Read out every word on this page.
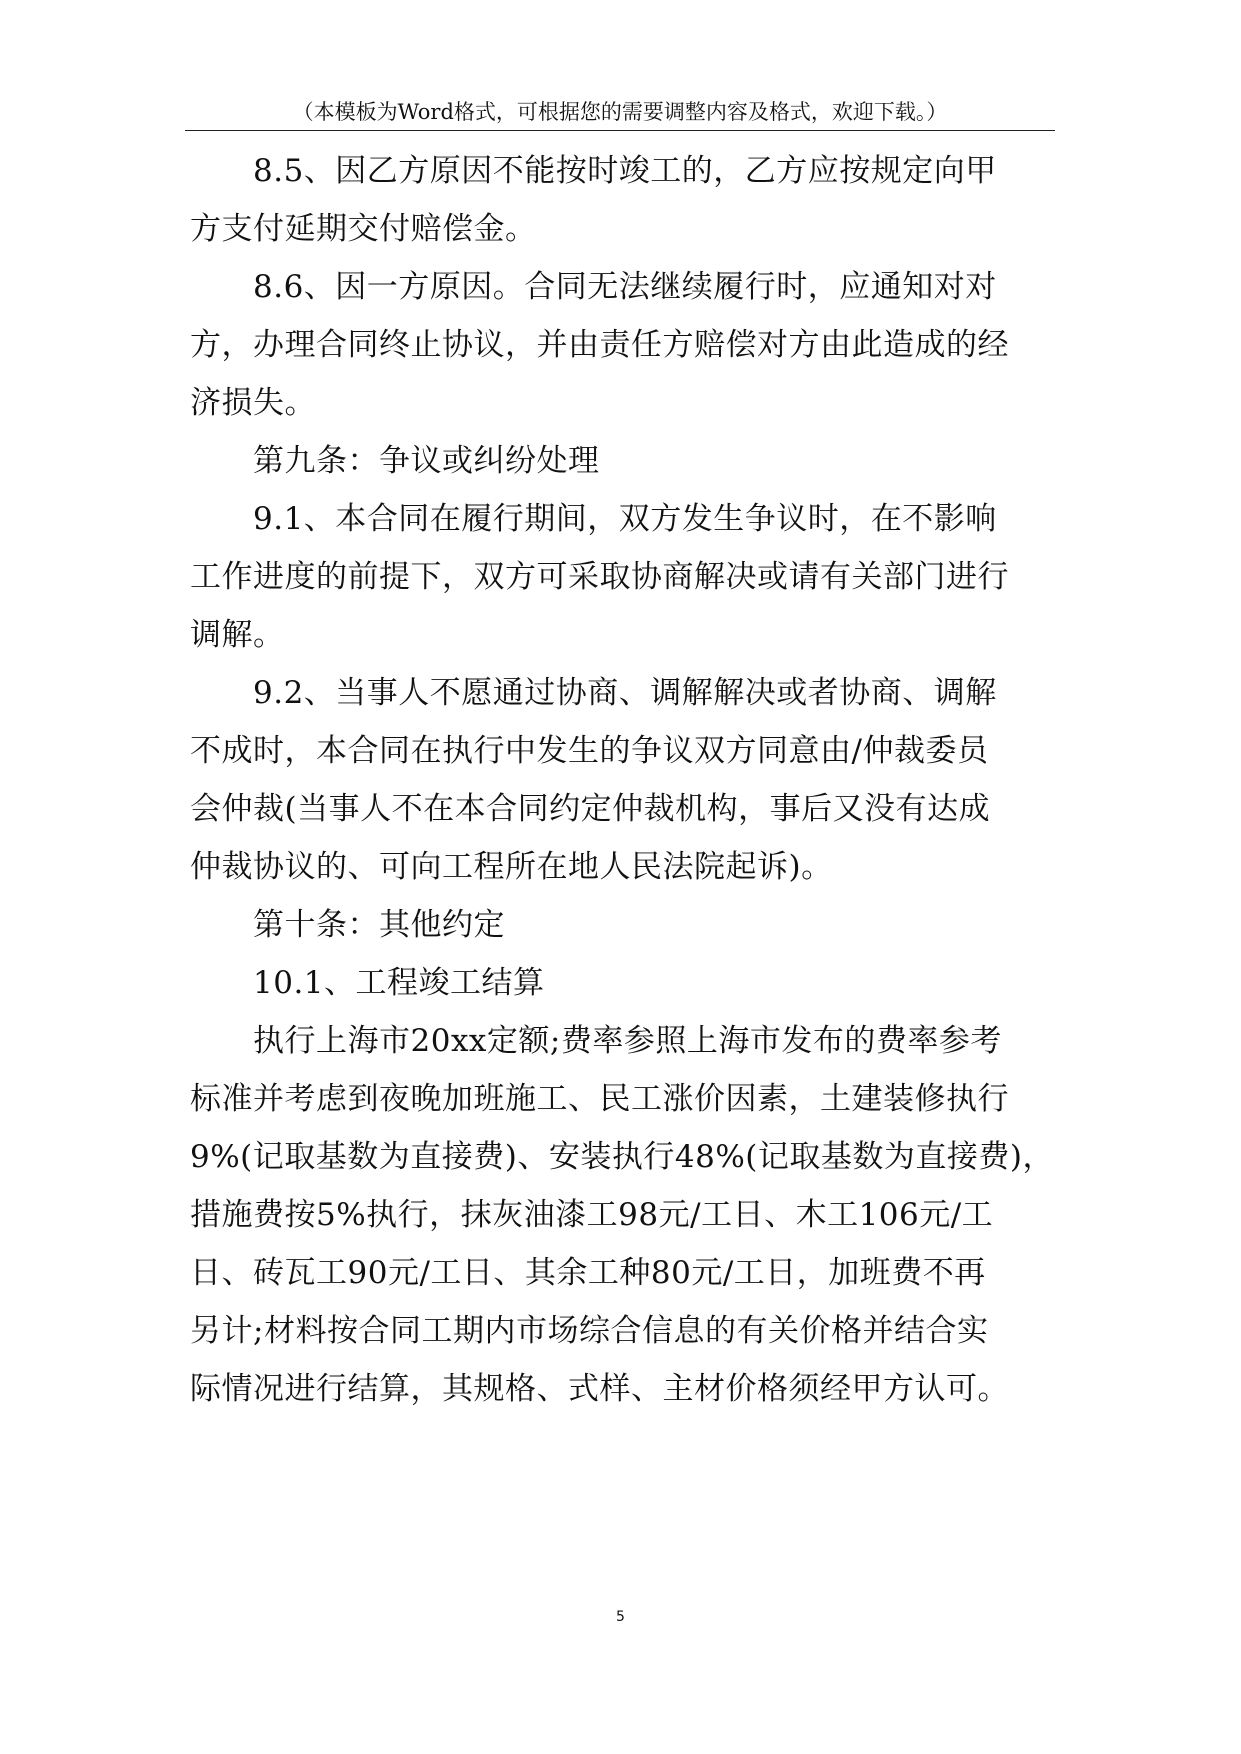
（本模板为Word格式，可根据您的需要调整内容及格式，欢迎下载。）
　　8.5、因乙方原因不能按时竣工的，乙方应按规定向甲
方支付延期交付赔偿金。
　　8.6、因一方原因。合同无法继续履行时，应通知对对
方，办理合同终止协议，并由责任方赔偿对方由此造成的经
济损失。
　　第九条：争议或纠纷处理
　　9.1、本合同在履行期间，双方发生争议时，在不影响
工作进度的前提下，双方可采取协商解决或请有关部门进行
调解。
　　9.2、当事人不愿通过协商、调解解决或者协商、调解
不成时，本合同在执行中发生的争议双方同意由/仲裁委员
会仲裁(当事人不在本合同约定仲裁机构，事后又没有达成
仲裁协议的、可向工程所在地人民法院起诉)。
　　第十条：其他约定
　　10.1、工程竣工结算
　　执行上海市20xx定额;费率参照上海市发布的费率参考
标准并考虑到夜晚加班施工、民工涨价因素，土建装修执行
9%(记取基数为直接费)、安装执行48%(记取基数为直接费)，
措施费按5%执行，抹灰油漆工98元/工日、木工106元/工
日、砖瓦工90元/工日、其余工种80元/工日，加班费不再
另计;材料按合同工期内市场综合信息的有关价格并结合实
际情况进行结算，其规格、式样、主材价格须经甲方认可。
5
